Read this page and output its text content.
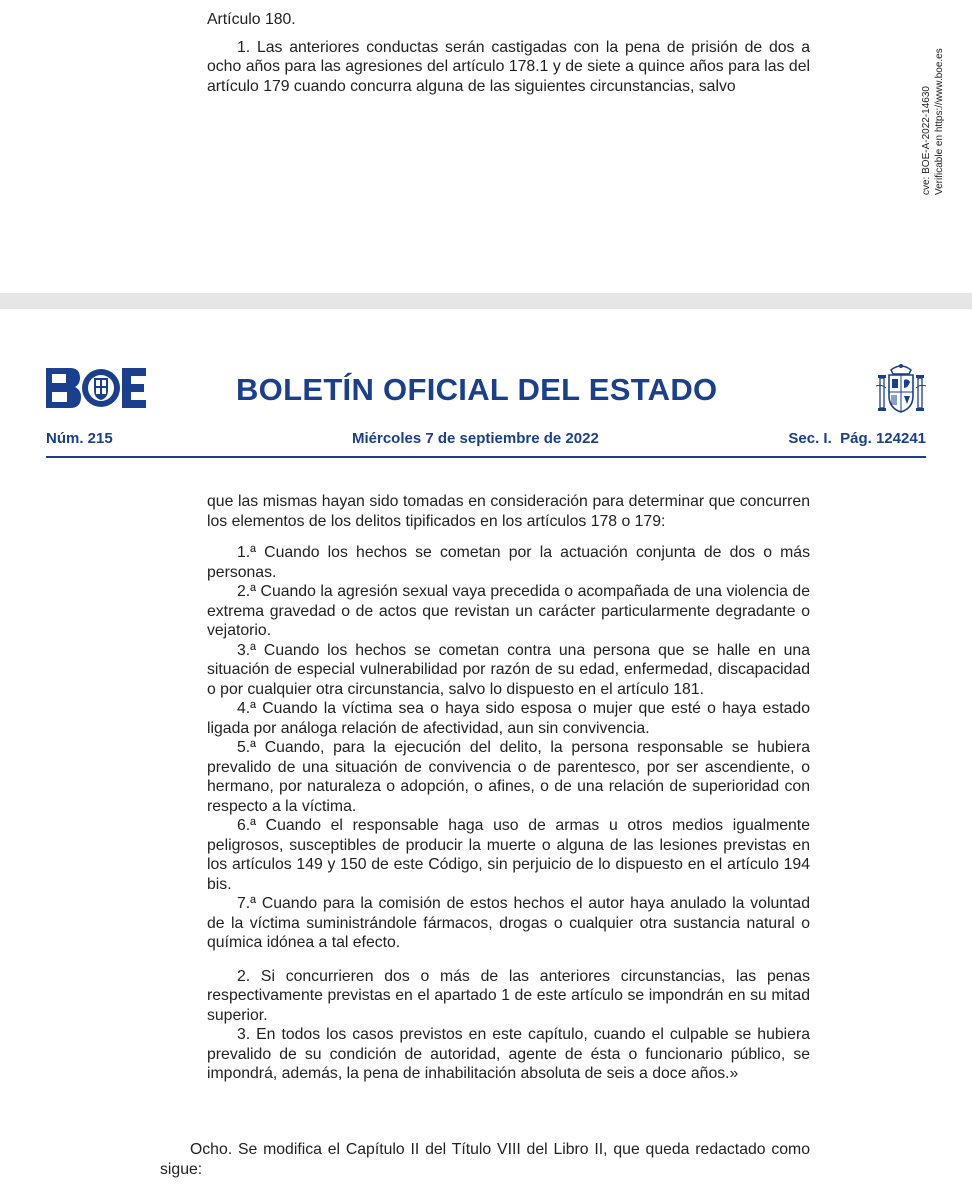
Artículo 180.

1. Las anteriores conductas serán castigadas con la pena de prisión de dos a ocho años para las agresiones del artículo 178.1 y de siete a quince años para las del artículo 179 cuando concurra alguna de las siguientes circunstancias, salvo

cve: BOE-A-2022-14630 Verificable en https://www.boe.es
BOLETÍN OFICIAL DEL ESTADO
Núm. 215	Miércoles 7 de septiembre de 2022	Sec. I.  Pág. 124241

que las mismas hayan sido tomadas en consideración para determinar que concurren los elementos de los delitos tipificados en los artículos 178 o 179:

1.ª Cuando los hechos se cometan por la actuación conjunta de dos o más personas.

2.ª Cuando la agresión sexual vaya precedida o acompañada de una violencia de extrema gravedad o de actos que revistan un carácter particularmente degradante o vejatorio.

3.ª Cuando los hechos se cometan contra una persona que se halle en una situación de especial vulnerabilidad por razón de su edad, enfermedad, discapacidad o por cualquier otra circunstancia, salvo lo dispuesto en el artículo 181.

4.ª Cuando la víctima sea o haya sido esposa o mujer que esté o haya estado ligada por análoga relación de afectividad, aun sin convivencia.

5.ª Cuando, para la ejecución del delito, la persona responsable se hubiera prevalido de una situación de convivencia o de parentesco, por ser ascendiente, o hermano, por naturaleza o adopción, o afines, o de una relación de superioridad con respecto a la víctima.

6.ª Cuando el responsable haga uso de armas u otros medios igualmente peligrosos, susceptibles de producir la muerte o alguna de las lesiones previstas en los artículos 149 y 150 de este Código, sin perjuicio de lo dispuesto en el artículo 194 bis.

7.ª Cuando para la comisión de estos hechos el autor haya anulado la voluntad de la víctima suministrándole fármacos, drogas o cualquier otra sustancia natural o química idónea a tal efecto.

2. Si concurrieren dos o más de las anteriores circunstancias, las penas respectivamente previstas en el apartado 1 de este artículo se impondrán en su mitad superior.

3. En todos los casos previstos en este capítulo, cuando el culpable se hubiera prevalido de su condición de autoridad, agente de ésta o funcionario público, se impondrá, además, la pena de inhabilitación absoluta de seis a doce años.»

Ocho. Se modifica el Capítulo II del Título VIII del Libro II, que queda redactado como sigue:
